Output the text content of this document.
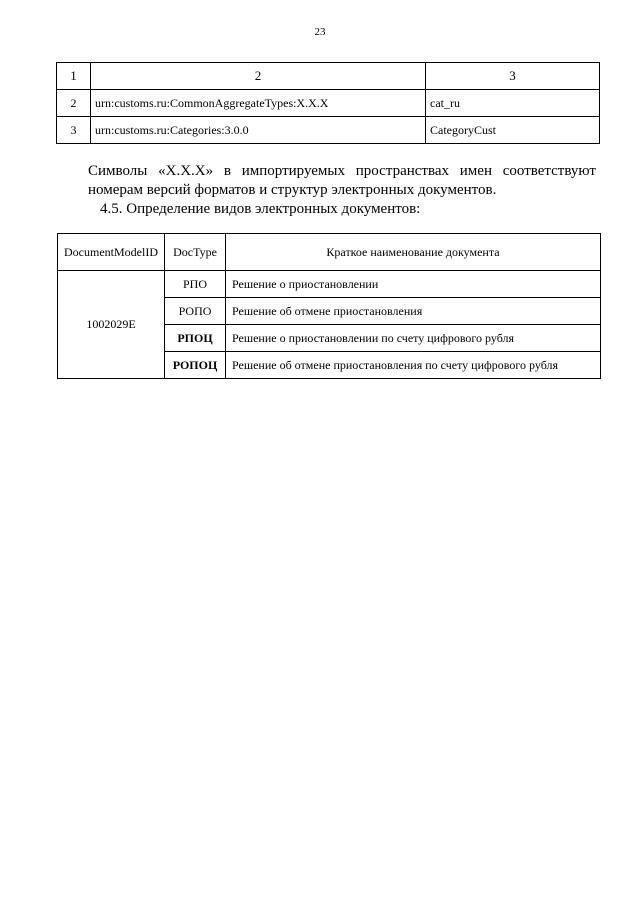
23
1	2	3
2	urn:customs.ru:CommonAggregateTypes:X.X.X	cat_ru
3	urn:customs.ru:Categories:3.0.0	CategoryCust
Символы «X.X.X» в импортируемых пространствах имен соответствуют
номерам версий форматов и структур электронных документов.
4.5. Определение видов электронных документов:
DocumentModelID	DocType	Краткое наименование документа
1002029E	РПО	Решение о приостановлении
	РОПО	Решение об отмене приостановления
	РПОЦ	Решение о приостановлении по счету цифрового рубля
	РОПОЦ	Решение об отмене приостановления по счету цифрового рубля
